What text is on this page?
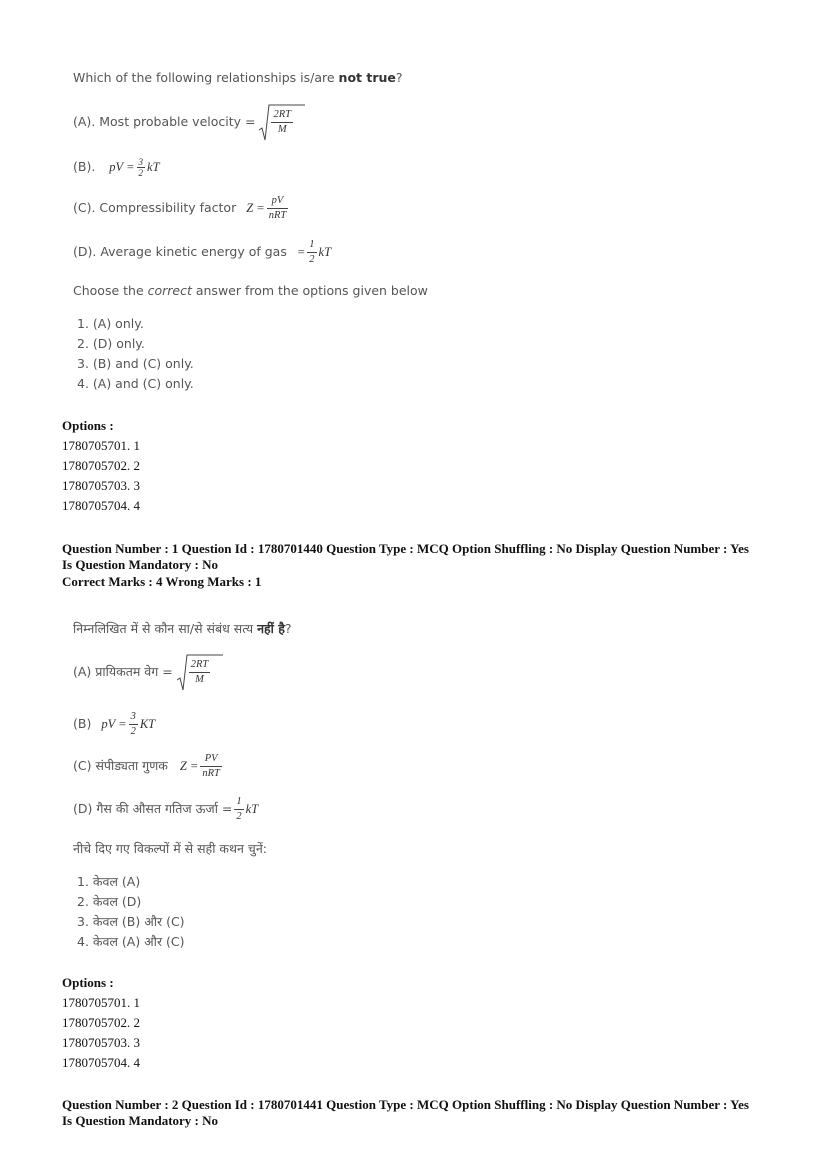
Which of the following relationships is/are not true?
(A). Most probable velocity = $\frac{2RT}{M}$
(B). pV = $\frac{3}{2}$ kT
(C). Compressibility factor $Z = \frac{pV}{\text{nRT}}$
(D). Average kinetic energy of gas = $\frac{1}{2}$ kT
Choose the correct answer from the options given below
1. (A) only.
2. (D) only.
3. (B) and (C) only.
4. (A) and (C) only.
Options :
1780705701. 1
1780705702. 2
1780705703. 3
1780705704. 4
Question Number : 1 Question Id : 1780701440 Question Type : MCQ Option Shuffling : No Display Question Number : Yes
Is Question Mandatory : No
Correct Marks : 4 Wrong Marks : 1
निम्नलिखित में से कौन सा/से संबंध सत्य नहीं है?
(A) प्रायिकतम वेग = $\frac{2RT}{M}$
(B) pV = $\frac{3}{2}$ KT
(C) संपीड्यता गुणक $Z = \frac{PV}{\text{nRT}}$
(D) गैस की औसत गतिज ऊर्जा = $\frac{1}{2}$ kT
नीचे दिए गए विकल्पों में से सही कथन चुनें:
1. केवल (A)
2. केवल (D)
3. केवल (B) और (C)
4. केवल (A) और (C)
Options :
1780705701. 1
1780705702. 2
1780705703. 3
1780705704. 4
Question Number : 2 Question Id : 1780701441 Question Type : MCQ Option Shuffling : No Display Question Number : Yes
Is Question Mandatory : No
